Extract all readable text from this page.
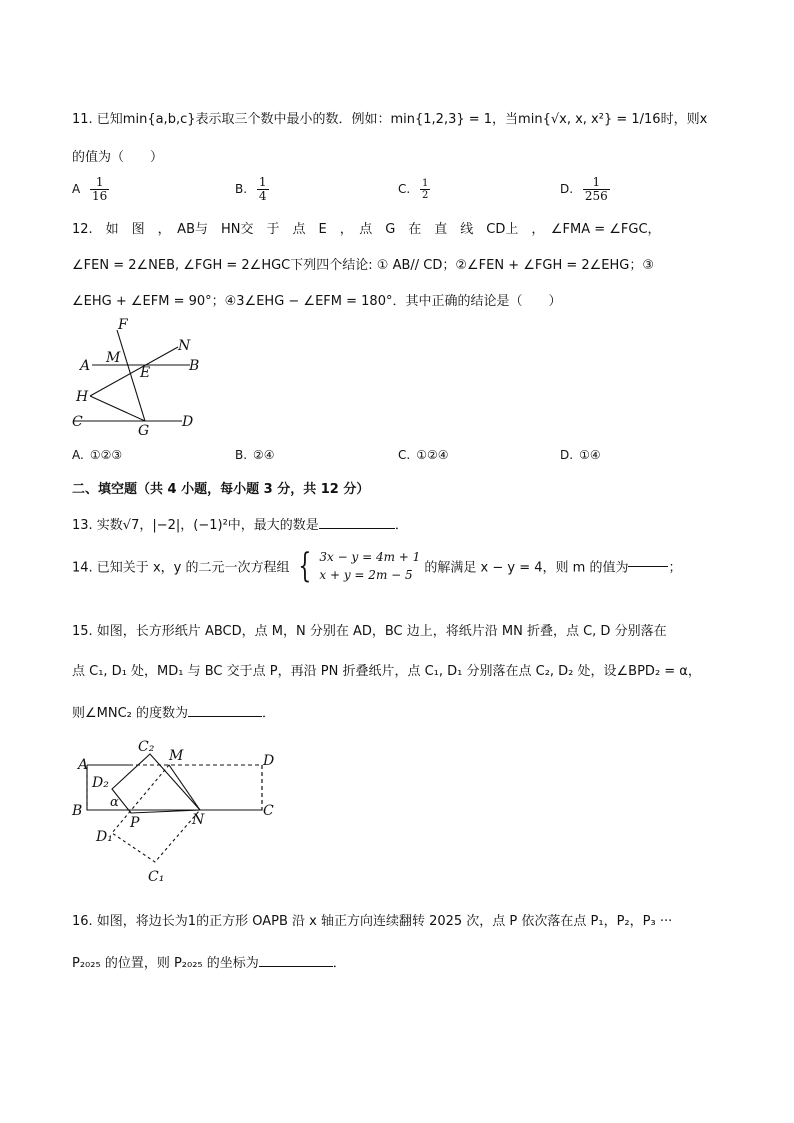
11. 已知min{a,b,c}表示取三个数中最小的数．例如：min{1,2,3} = 1，当min{√x, x, x²} = 1/16时，则x
的值为（　　）
A $\frac{1}{16}$	B. $\frac{1}{4}$	C. $\frac{1}{2}$	D. $\frac{1}{256}$
12.　如　图　，　AB与　HN交　于　点　E　，　点　G　在　直　线　CD上　，　∠FMA = ∠FGC，
∠FEN = 2∠NEB, ∠FGH = 2∠HGC下列四个结论: ① AB// CD；②∠FEN + ∠FGH = 2∠EHG；③
∠EHG + ∠EFM = 90°；④3∠EHG − ∠EFM = 180°．其中正确的结论是（　　）
F
N
A M
E	B
H
C
G
D
A. ①②③	B. ②④	C. ①②④	D. ①④
二、填空题（共 4 小题，每小题 3 分，共 12 分）
13. 实数√7，|−2|，(−1)²中，最大的数是	．
14. 已知关于 x，y 的二元一次方程组 { 3x − y = 4m + 1
x + y = 2m − 5 的解满足 x − y = 4，则 m 的值为	；
15. 如图，长方形纸片 ABCD，点 M，N 分别在 AD，BC 边上，将纸片沿 MN 折叠，点 C, D 分别落在
点 C₁, D₁ 处，MD₁ 与 BC 交于点 P，再沿 PN 折叠纸片，点 C₁, D₁ 分别落在点 C₂, D₂ 处，设∠BPD₂ = α，
则∠MNC₂ 的度数为	．
A
B
D
C
M
N
P
C₂
D₂
α
D₁
C₁
16. 如图，将边长为1的正方形 OAPB 沿 x 轴正方向连续翻转 2025 次，点 P 依次落在点 P₁，P₂，P₃ ···
P₂₀₂₅ 的位置，则 P₂₀₂₅ 的坐标为	．
